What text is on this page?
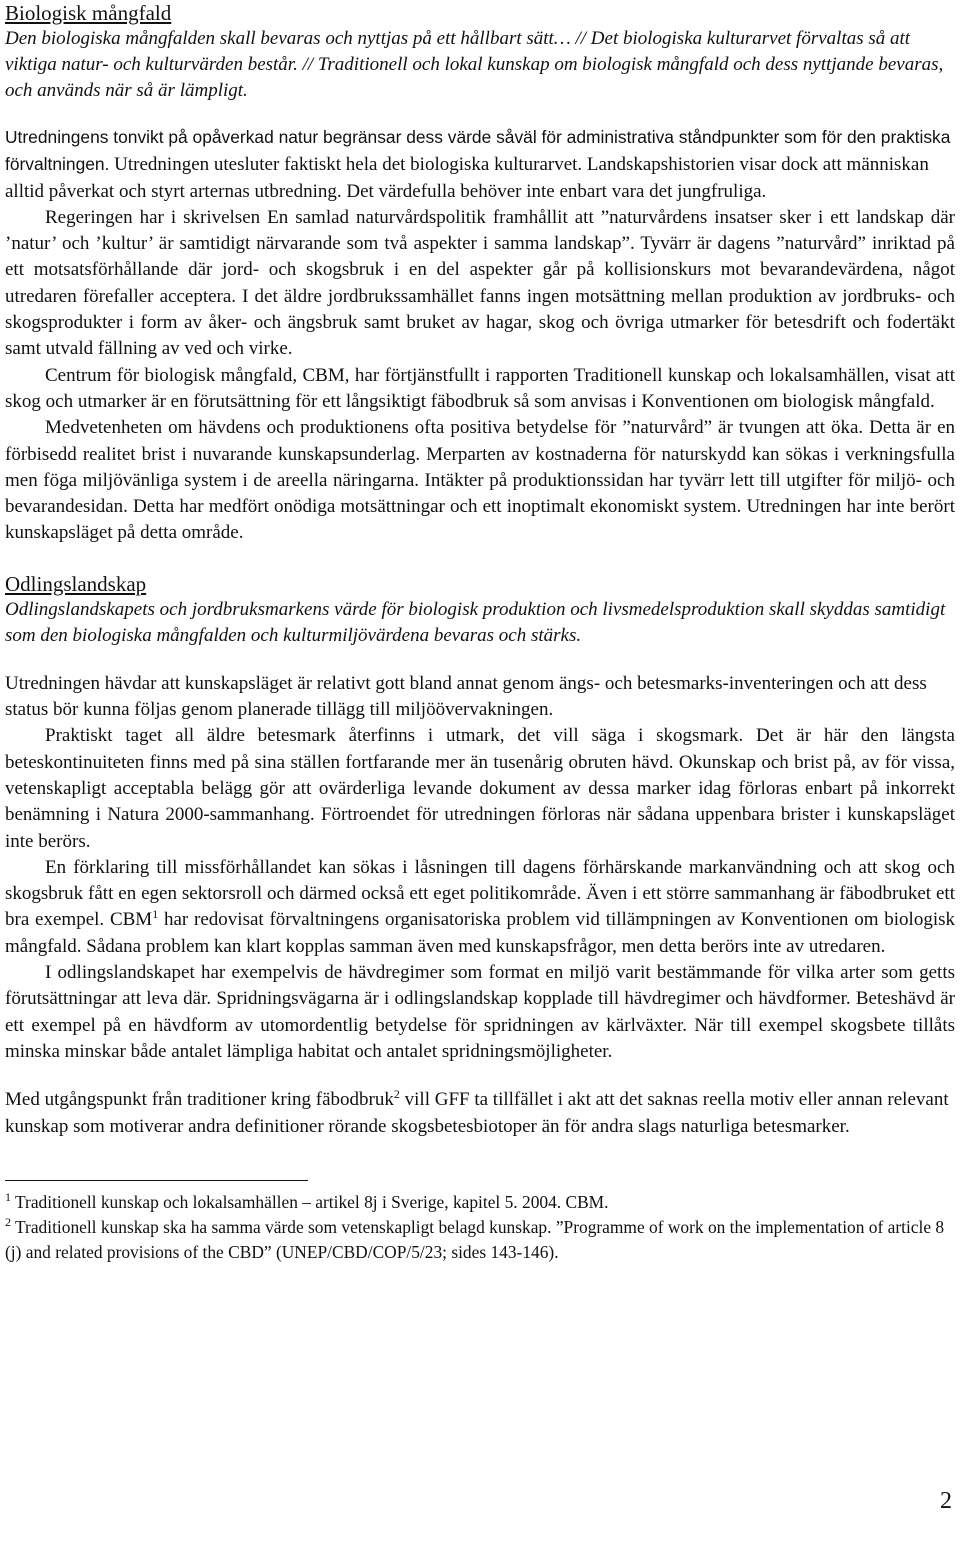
Biologisk mångfald

Den biologiska mångfalden skall bevaras och nyttjas på ett hållbart sätt… // Det biologiska kulturarvet förvaltas så att viktiga natur- och kulturvärden består. // Traditionell och lokal kunskap om biologisk mångfald och dess nyttjande bevaras, och används när så är lämpligt.

Utredningens tonvikt på opåverkad natur begränsar dess värde såväl för administrativa ståndpunkter som för den praktiska förvaltningen. Utredningen utesluter faktiskt hela det biologiska kulturarvet. Landskapshistorien visar dock att människan alltid påverkat och styrt arternas utbredning. Det värdefulla behöver inte enbart vara det jungfruliga.

Regeringen har i skrivelsen En samlad naturvårdspolitik framhållit att ”naturvårdens insatser sker i ett landskap där ’natur’ och ’kultur’ är samtidigt närvarande som två aspekter i samma landskap”. Tyvärr är dagens ”naturvård” inriktad på ett motsatsförhållande där jord- och skogsbruk i en del aspekter går på kollisionskurs mot bevarandevärdena, något utredaren förefaller acceptera. I det äldre jordbrukssamhället fanns ingen motsättning mellan produktion av jordbruks- och skogsprodukter i form av åker- och ängsbruk samt bruket av hagar, skog och övriga utmarker för betesdrift och fodertäkt samt utvald fällning av ved och virke.

Centrum för biologisk mångfald, CBM, har förtjänstfullt i rapporten Traditionell kunskap och lokalsamhällen, visat att skog och utmarker är en förutsättning för ett långsiktigt fäbodbruk så som anvisas i Konventionen om biologisk mångfald.

Medvetenheten om hävdens och produktionens ofta positiva betydelse för ”naturvård” är tvungen att öka. Detta är en förbisedd realitet brist i nuvarande kunskapsunderlag. Merparten av kostnaderna för naturskydd kan sökas i verkningsfulla men föga miljövänliga system i de areella näringarna. Intäkter på produktionssidan har tyvärr lett till utgifter för miljö- och bevarandesidan. Detta har medfört onödiga motsättningar och ett inoptimalt ekonomiskt system. Utredningen har inte berört kunskapsläget på detta område.

Odlingslandskap

Odlingslandskapets och jordbruksmarkens värde för biologisk produktion och livsmedelsproduktion skall skyddas samtidigt som den biologiska mångfalden och kulturmiljövärdena bevaras och stärks.

Utredningen hävdar att kunskapsläget är relativt gott bland annat genom ängs- och betesmarks-inventeringen och att dess status bör kunna följas genom planerade tillägg till miljöövervakningen.

Praktiskt taget all äldre betesmark återfinns i utmark, det vill säga i skogsmark. Det är här den längsta beteskontinuiteten finns med på sina ställen fortfarande mer än tusenårig obruten hävd. Okunskap och brist på, av för vissa, vetenskapligt acceptabla belägg gör att ovärderliga levande dokument av dessa marker idag förloras enbart på inkorrekt benämning i Natura 2000-sammanhang. Förtroendet för utredningen förloras när sådana uppenbara brister i kunskapsläget inte berörs.

En förklaring till missförhållandet kan sökas i låsningen till dagens förhärskande markanvändning och att skog och skogsbruk fått en egen sektorsroll och därmed också ett eget politikområde. Även i ett större sammanhang är fäbodbruket ett bra exempel. CBM$^1$ har redovisat förvaltningens organisatoriska problem vid tillämpningen av Konventionen om biologisk mångfald. Sådana problem kan klart kopplas samman även med kunskapsfrågor, men detta berörs inte av utredaren.

I odlingslandskapet har exempelvis de hävdregimer som format en miljö varit bestämmande för vilka arter som getts förutsättningar att leva där. Spridningsvägarna är i odlingslandskap kopplade till hävdregimer och hävdformer. Beteshävd är ett exempel på en hävdform av utomordentlig betydelse för spridningen av kärlväxter. När till exempel skogsbete tillåts minska minskar både antalet lämpliga habitat och antalet spridningsmöjligheter.

Med utgångspunkt från traditioner kring fäbodbruk$^2$ vill GFF ta tillfället i akt att det saknas reella motiv eller annan relevant kunskap som motiverar andra definitioner rörande skogsbetesbiotoper än för andra slags naturliga betesmarker.

$^1$ Traditionell kunskap och lokalsamhällen – artikel 8j i Sverige, kapitel 5. 2004. CBM.

$^2$ Traditionell kunskap ska ha samma värde som vetenskapligt belagd kunskap. ”Programme of work on the implementation of article 8 (j) and related provisions of the CBD” (UNEP/CBD/COP/5/23; sides 143-146).

2
